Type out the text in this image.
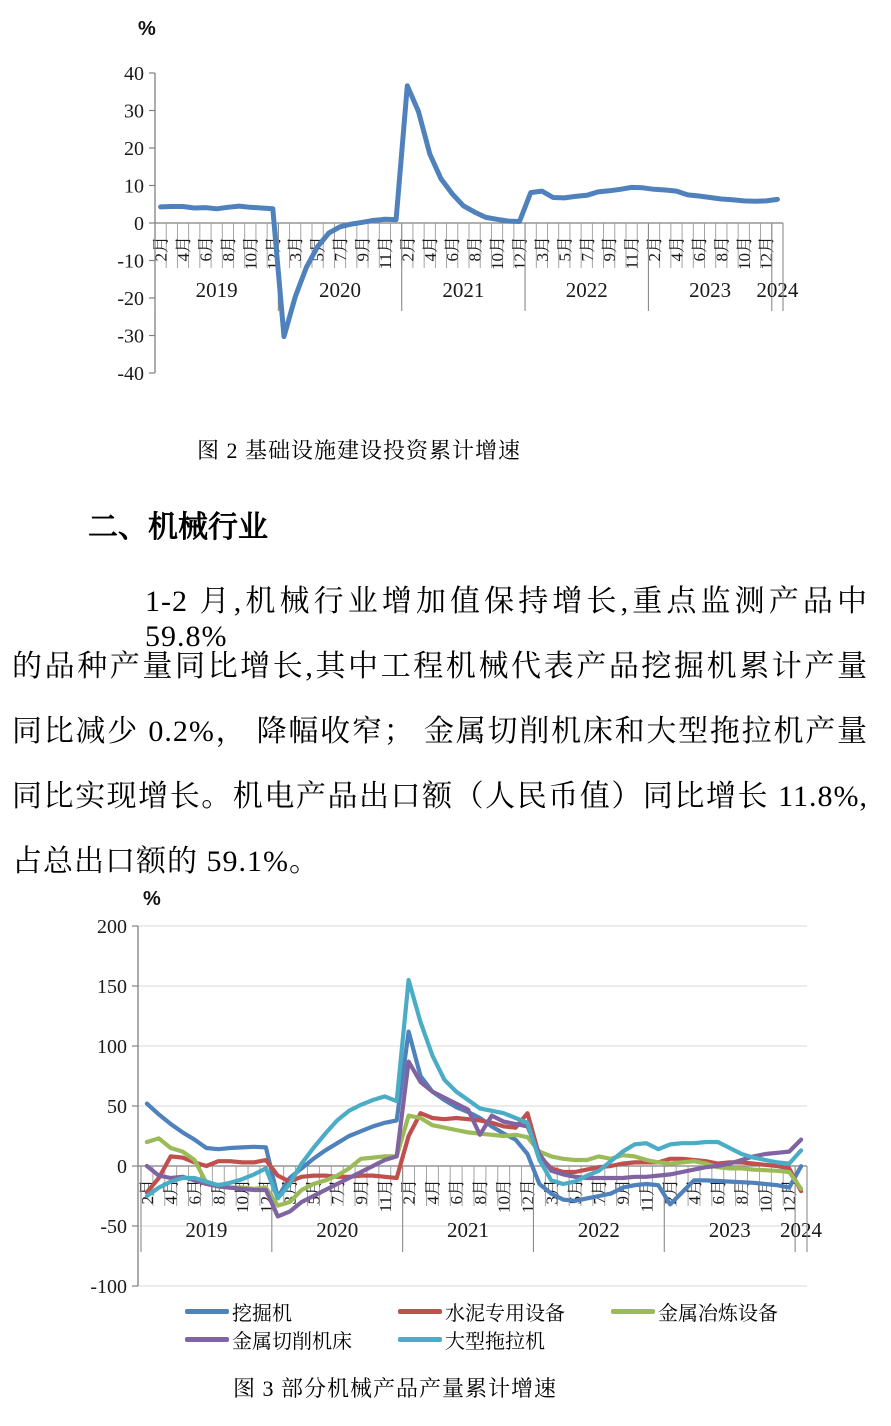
%
40
30
20
10
0
-10
-20
-30
-40
2月 4月 6月 8月 10月 12月 3月 5月 7月 9月 11月 2月 4月 6月 8月 10月 12月 3月 5月 7月 9月 11月 2月 4月 6月 8月 10月 12月
2019	2020	2021	2022	2023 2024
图 2 基础设施建设投资累计增速
二、机械行业
1-2 月,机械行业增加值保持增长,重点监测产品中 59.8%
的品种产量同比增长,其中工程机械代表产品挖掘机累计产量
同比减少 0.2%， 降幅收窄； 金属切削机床和大型拖拉机产量
同比实现增长。机电产品出口额（人民币值）同比增长 11.8%,
占总出口额的 59.1%。
%
200
150
100
50
0
-50
-100
2月 4月 6月 8月 10月 12月 3月 5月 7月 9月 11月 2月 4月 6月 8月 10月 12月 3月 5月 7月 9月 11月 2月 4月 6月 8月 10月 12月
2019	2020	2021	2022	2023 2024
挖掘机	水泥专用设备	金属冶炼设备
金属切削机床	大型拖拉机
图 3 部分机械产品产量累计增速
